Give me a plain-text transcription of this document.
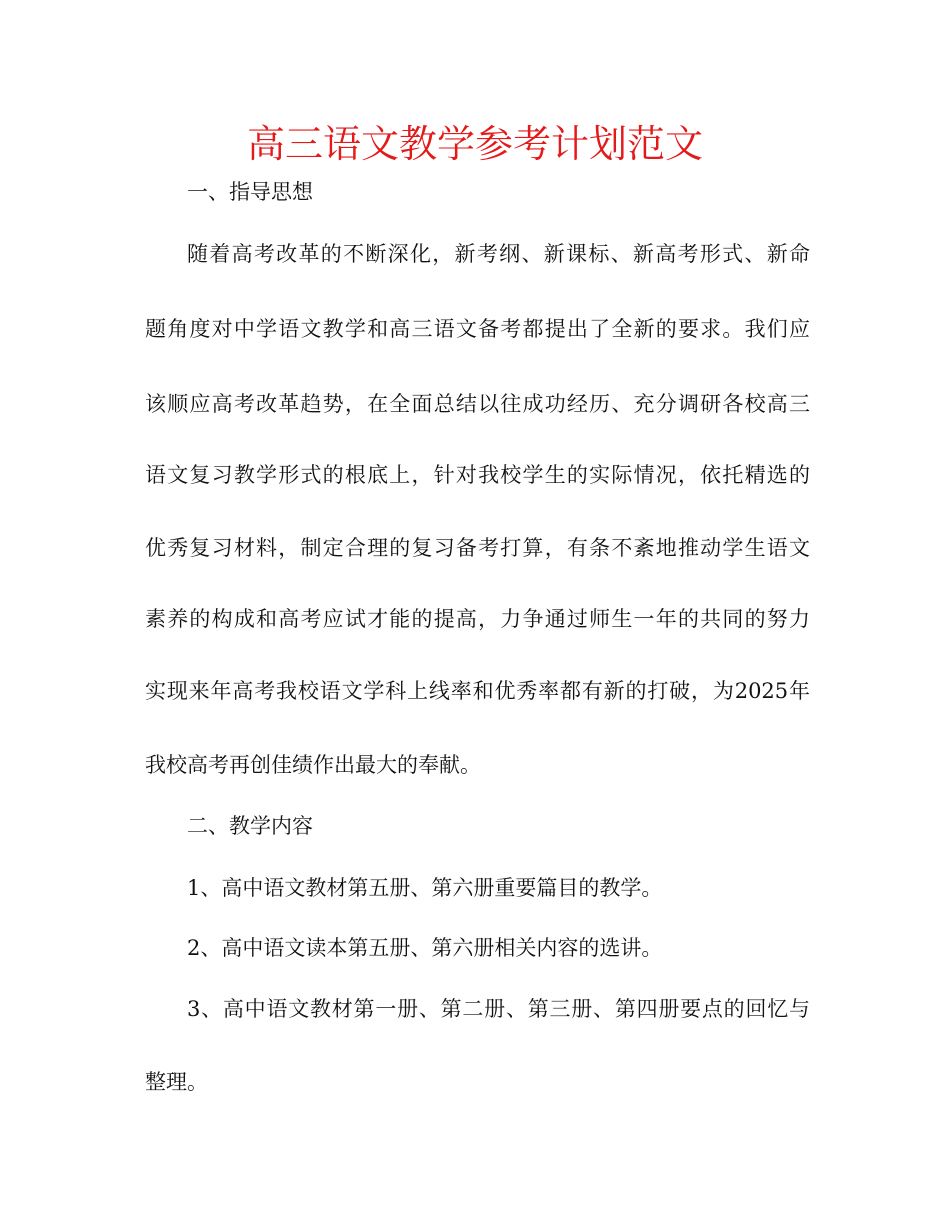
高三语文教学参考计划范文

一、指导思想

随着高考改革的不断深化，新考纲、新课标、新高考形式、新命

题角度对中学语文教学和高三语文备考都提出了全新的要求。我们应

该顺应高考改革趋势，在全面总结以往成功经历、充分调研各校高三

语文复习教学形式的根底上，针对我校学生的实际情况，依托精选的

优秀复习材料，制定合理的复习备考打算，有条不紊地推动学生语文

素养的构成和高考应试才能的提高，力争通过师生一年的共同的努力

实现来年高考我校语文学科上线率和优秀率都有新的打破，为2025年

我校高考再创佳绩作出最大的奉献。

二、教学内容

1、高中语文教材第五册、第六册重要篇目的教学。

2、高中语文读本第五册、第六册相关内容的选讲。

3、高中语文教材第一册、第二册、第三册、第四册要点的回忆与

整理。
